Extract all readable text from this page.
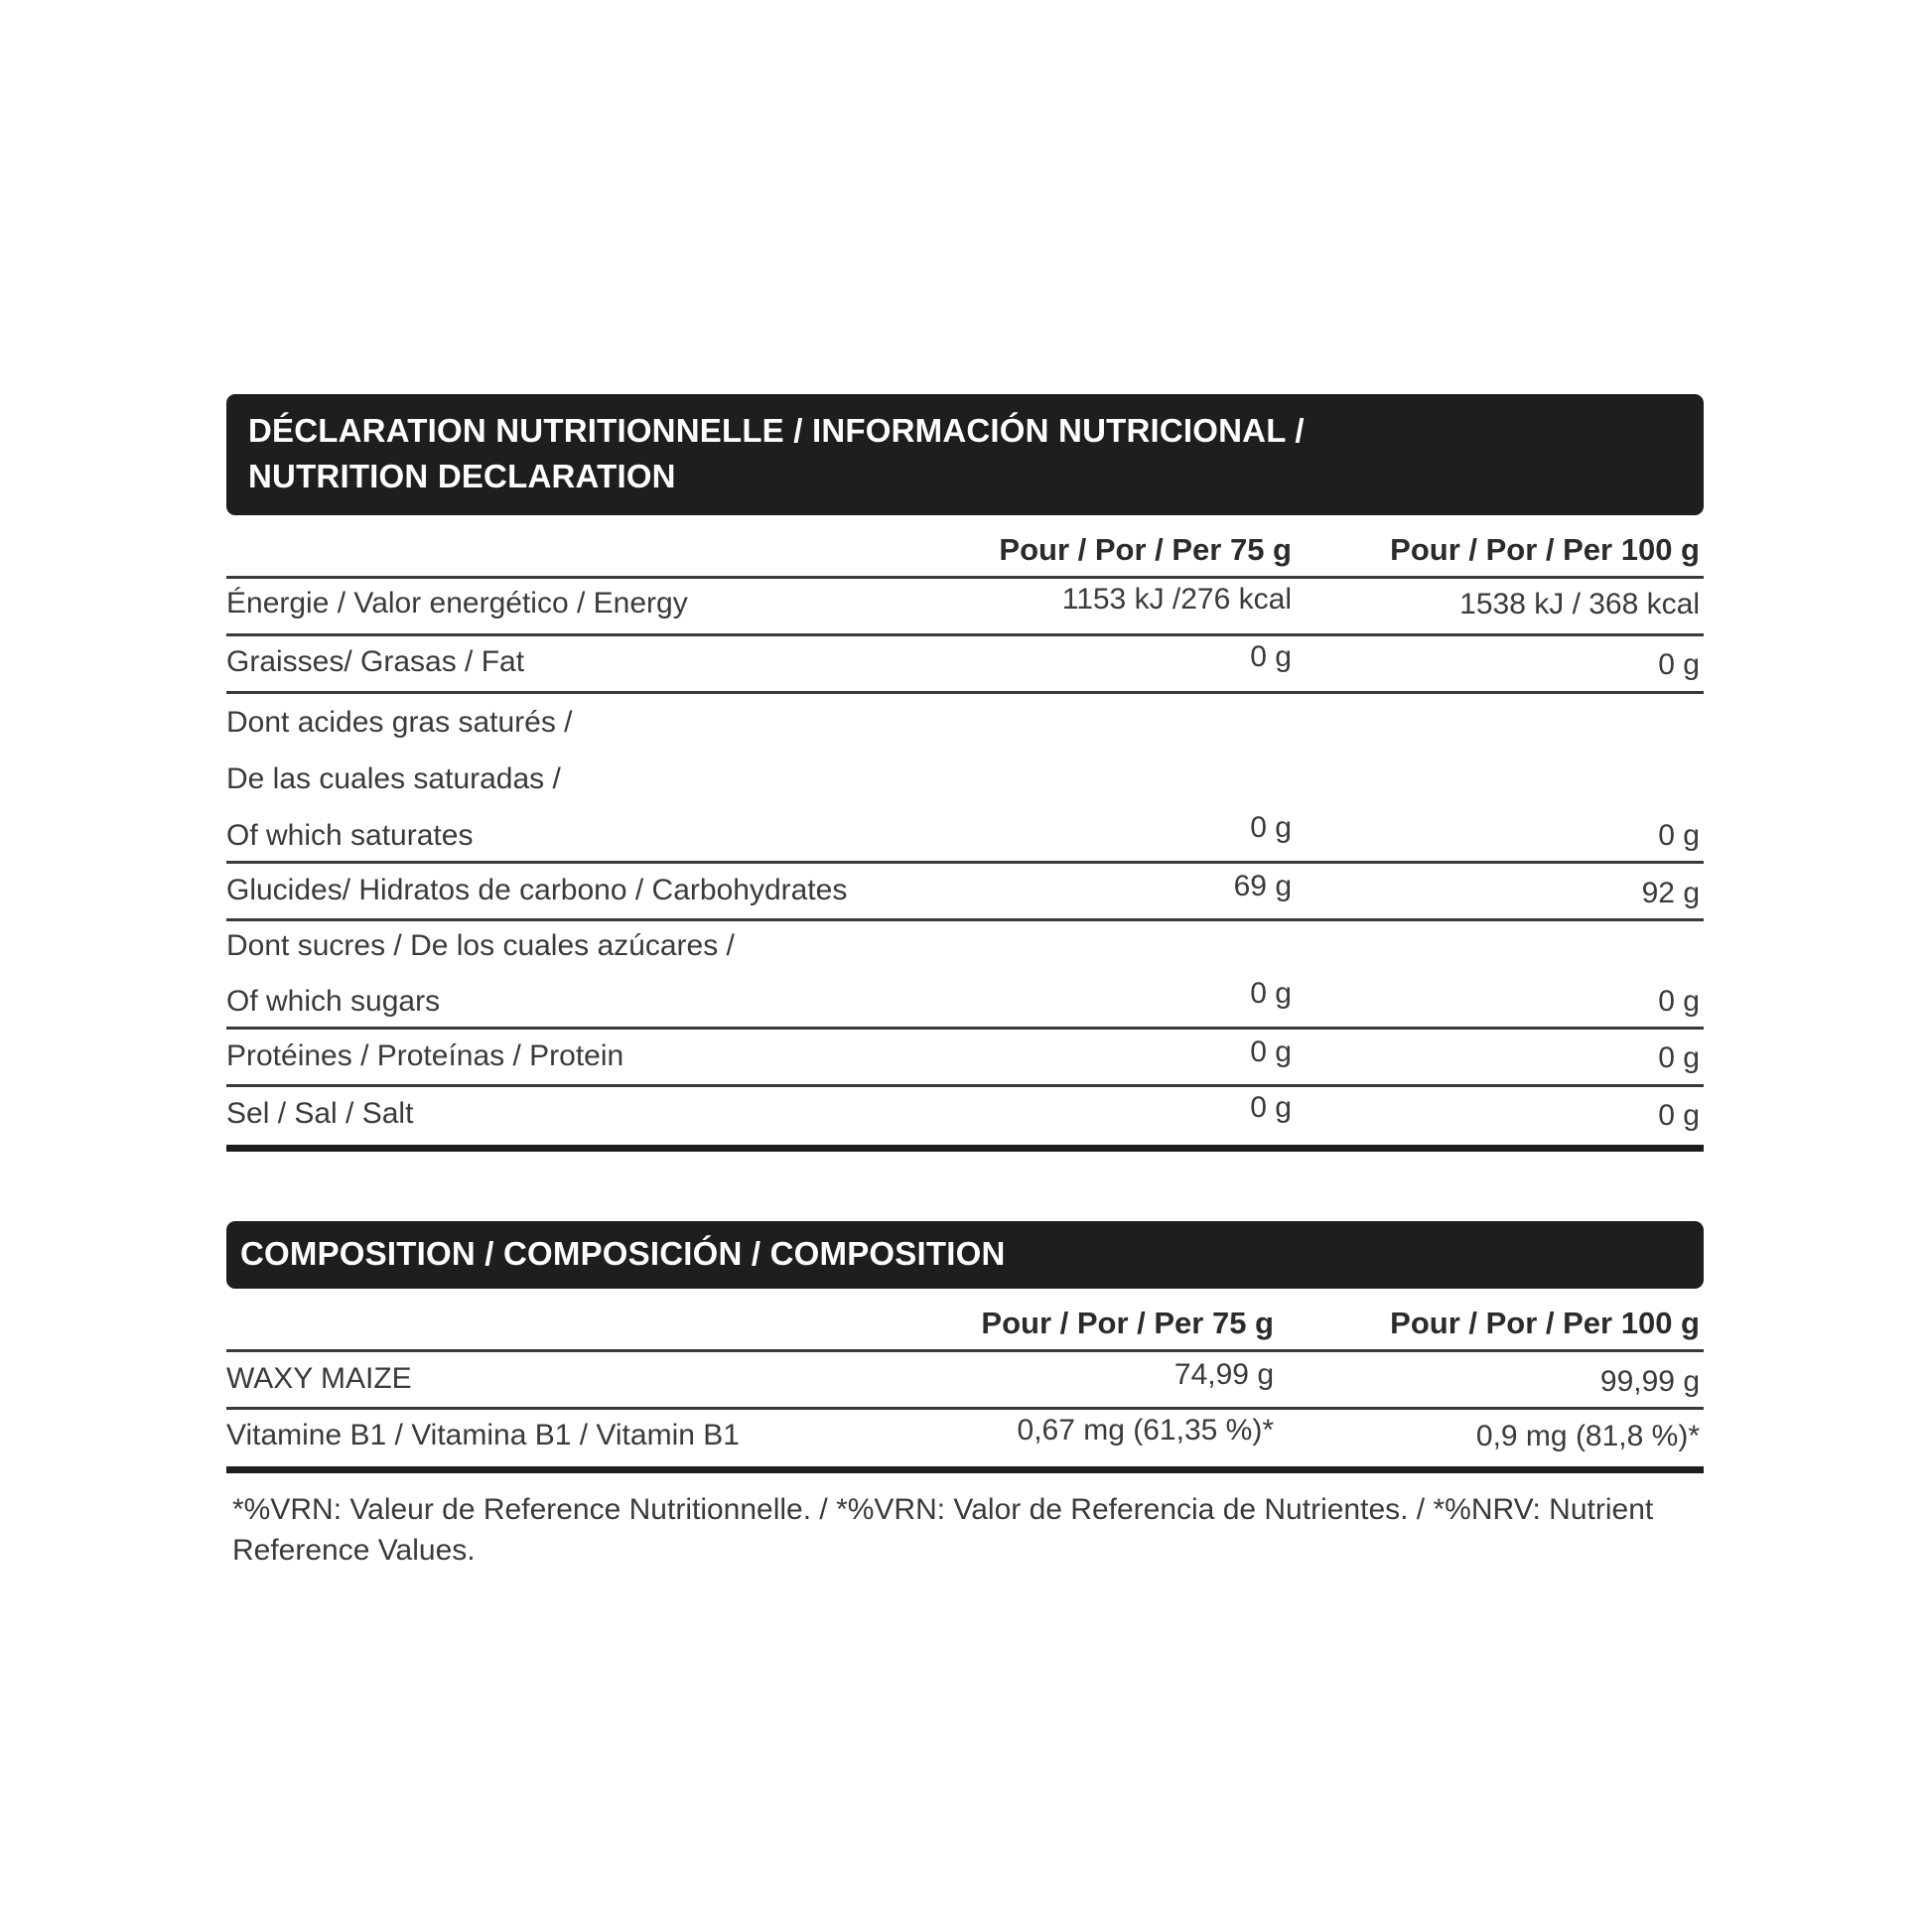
DÉCLARATION NUTRITIONNELLE / INFORMACIÓN NUTRICIONAL /
NUTRITION DECLARATION
Pour / Por / Per 75 g	Pour / Por / Per 100 g
Énergie / Valor energético / Energy	1153 kJ /276 kcal	1538 kJ / 368 kcal
Graisses/ Grasas / Fat	0 g	0 g
Dont acides gras saturés /
De las cuales saturadas /
Of which saturates	0 g	0 g
Glucides/ Hidratos de carbono / Carbohydrates	69 g	92 g
Dont sucres / De los cuales azúcares /
Of which sugars	0 g	0 g
Protéines / Proteínas / Protein	0 g	0 g
Sel / Sal / Salt	0 g	0 g
COMPOSITION / COMPOSICIÓN / COMPOSITION
Pour / Por / Per 75 g	Pour / Por / Per 100 g
WAXY MAIZE	74,99 g	99,99 g
Vitamine B1 / Vitamina B1 / Vitamin B1	0,67 mg (61,35 %)*	0,9 mg (81,8 %)*
*%VRN: Valeur de Reference Nutritionnelle. / *%VRN: Valor de Referencia de Nutrientes. / *%NRV: Nutrient Reference Values.
